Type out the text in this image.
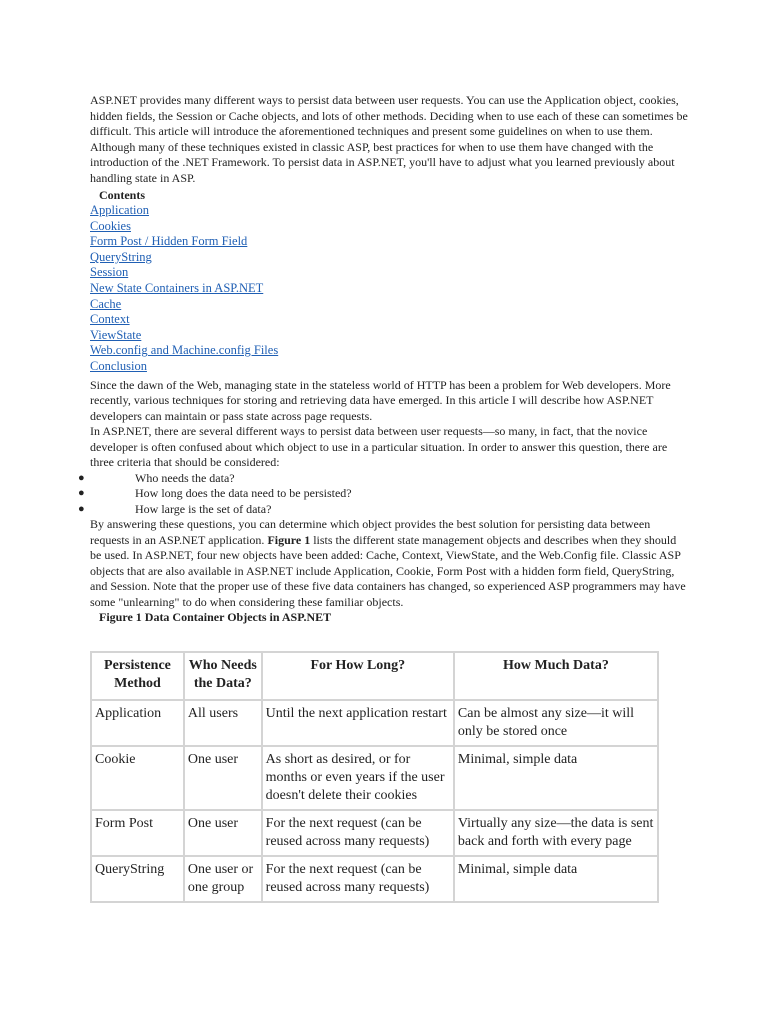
ASP.NET provides many different ways to persist data between user requests. You can use the Application object, cookies, hidden fields, the Session or Cache objects, and lots of other methods. Deciding when to use each of these can sometimes be difficult. This article will introduce the aforementioned techniques and present some guidelines on when to use them. Although many of these techniques existed in classic ASP, best practices for when to use them have changed with the introduction of the .NET Framework. To persist data in ASP.NET, you'll have to adjust what you learned previously about handling state in ASP.

Contents
Application
Cookies
Form Post / Hidden Form Field
QueryString
Session
New State Containers in ASP.NET
Cache
Context
ViewState
Web.config and Machine.config Files
Conclusion

Since the dawn of the Web, managing state in the stateless world of HTTP has been a problem for Web developers. More recently, various techniques for storing and retrieving data have emerged. In this article I will describe how ASP.NET developers can maintain or pass state across page requests.

In ASP.NET, there are several different ways to persist data between user requests—so many, in fact, that the novice developer is often confused about which object to use in a particular situation. In order to answer this question, there are three criteria that should be considered:

●	Who needs the data?
●	How long does the data need to be persisted?
●	How large is the set of data?

By answering these questions, you can determine which object provides the best solution for persisting data between requests in an ASP.NET application. Figure 1 lists the different state management objects and describes when they should be used. In ASP.NET, four new objects have been added: Cache, Context, ViewState, and the Web.Config file. Classic ASP objects that are also available in ASP.NET include Application, Cookie, Form Post with a hidden form field, QueryString, and Session. Note that the proper use of these five data containers has changed, so experienced ASP programmers may have some "unlearning" to do when considering these familiar objects.

Figure 1 Data Container Objects in ASP.NET
Persistence Method	Who Needs the Data?	For How Long?	How Much Data?
Application	All users	Until the next application restart	Can be almost any size—it will only be stored once
Cookie	One user	As short as desired, or for months or even years if the user doesn't delete their cookies	Minimal, simple data
Form Post	One user	For the next request (can be reused across many requests)	Virtually any size—the data is sent back and forth with every page
QueryString	One user or one group	For the next request (can be reused across many requests)	Minimal, simple data
